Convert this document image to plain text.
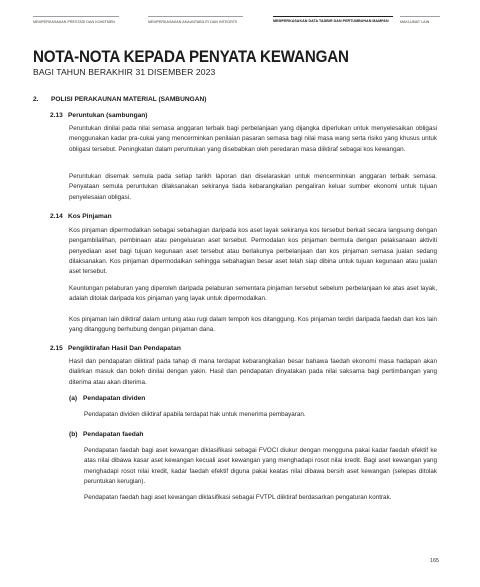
MEMPERKASAKAN PRESTASI DAN KOMITMEN	MEMPERKASAKAN AKAUNTABILITI DAN INTEGRITI	MEMPERKASAKAN DATA TADBIR DAN PERTUMBUHAN MAMPAN	MAKLUMAT LAIN
NOTA-NOTA KEPADA PENYATA KEWANGAN
BAGI TAHUN BERAKHIR 31 DISEMBER 2023
2. POLISI PERAKAUNAN MATERIAL (SAMBUNGAN)
2.13 Peruntukan (sambungan)

Peruntukan dinilai pada nilai semasa anggaran terbaik bagi perbelanjaan yang dijangka diperlukan untuk menyelesaikan obligasi menggunakan kadar pra-cukai yang mencerminkan penilaian pasaran semasa bagi nilai masa wang serta risiko yang khusus untuk obligasi tersebut. Peningkatan dalam peruntukan yang disebabkan oleh peredaran masa diiktiraf sebagai kos kewangan.

Peruntukan disemak semula pada setiap tarikh laporan dan diselaraskan untuk mencerminkan anggaran terbaik semasa. Penyataan semula peruntukan dilaksanakan sekiranya tiada kebarangkalian pengaliran keluar sumber ekonomi untuk tujuan penyelesaian obligasi.

2.14 Kos Pinjaman

Kos pinjaman dipermodalkan sebagai sebahagian daripada kos aset layak sekiranya kos tersebut berkait secara langsung dengan pengambilalihan, pembinaan atau pengeluaran aset tersebut. Permodalan kos pinjaman bermula dengan pelaksanaan aktiviti penyediaan aset bagi tujuan kegunaan aset tersebut atau berlakunya perbelanjaan dan kos pinjaman semasa jualan sedang dilaksanakan. Kos pinjaman dipermodalkan sehingga sebahagian besar aset telah siap dibina untuk tujuan kegunaan atau jualan aset tersebut.

Keuntungan pelaburan yang diperoleh daripada pelaburan sementara pinjaman tersebut sebelum perbelanjaan ke atas aset layak, adalah ditolak daripada kos pinjaman yang layak untuk dipermodalkan.

Kos pinjaman lain diiktiraf dalam untung atau rugi dalam tempoh kos ditanggung. Kos pinjaman terdiri daripada faedah dan kos lain yang ditanggung berhubung dengan pinjaman dana.

2.15 Pengiktirafan Hasil Dan Pendapatan

Hasil dan pendapatan diiktiraf pada tahap di mana terdapat kebarangkalian besar bahawa faedah ekonomi masa hadapan akan dialirkan masuk dan boleh dinilai dengan yakin. Hasil dan pendapatan dinyatakan pada nilai saksama bagi pertimbangan yang diterima atau akan diterima.

(a) Pendapatan dividen

Pendapatan dividen diiktiraf apabila terdapat hak untuk menerima pembayaran.

(b) Pendapatan faedah

Pendapatan faedah bagi aset kewangan diklasifikasi sebagai FVOCI diukur dengan mengguna pakai kadar faedah efektif ke atas nilai dibawa kasar aset kewangan kecuali aset kewangan yang menghadapi rosot nilai kredit. Bagi aset kewangan yang menghadapi rosot nilai kredit, kadar faedah efektif diguna pakai keatas nilai dibawa bersih aset kewangan (selepas ditolak peruntukan kerugian).

Pendapatan faedah bagi aset kewangan diklasifikasi sebagai FVTPL diiktiraf berdasarkan pengaturan kontrak.

165
